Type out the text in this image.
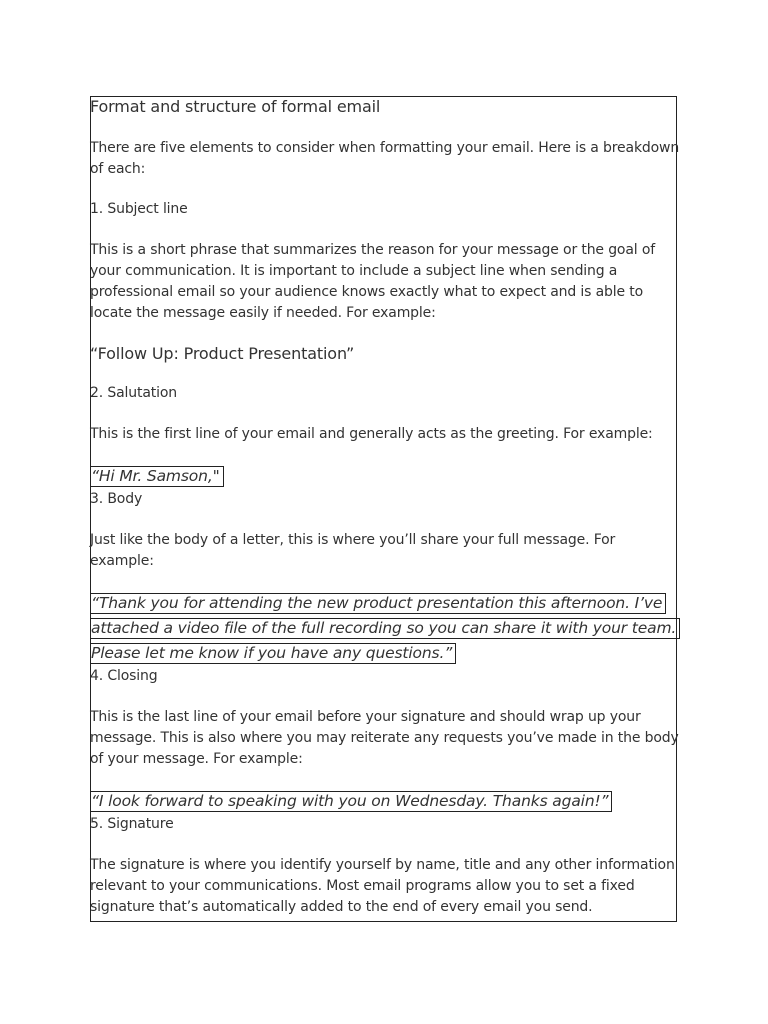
Format and structure of formal email

There are five elements to consider when formatting your email. Here is a breakdown of each:

1. Subject line

This is a short phrase that summarizes the reason for your message or the goal of your communication. It is important to include a subject line when sending a professional email so your audience knows exactly what to expect and is able to locate the message easily if needed. For example:

“Follow Up: Product Presentation”

2. Salutation

This is the first line of your email and generally acts as the greeting. For example:

“Hi Mr. Samson,"

3. Body

Just like the body of a letter, this is where you’ll share your full message. For example:

“Thank you for attending the new product presentation this afternoon. I’ve attached a video file of the full recording so you can share it with your team. Please let me know if you have any questions.”

4. Closing

This is the last line of your email before your signature and should wrap up your message. This is also where you may reiterate any requests you’ve made in the body of your message. For example:

“I look forward to speaking with you on Wednesday. Thanks again!”

5. Signature

The signature is where you identify yourself by name, title and any other information relevant to your communications. Most email programs allow you to set a fixed signature that’s automatically added to the end of every email you send.
